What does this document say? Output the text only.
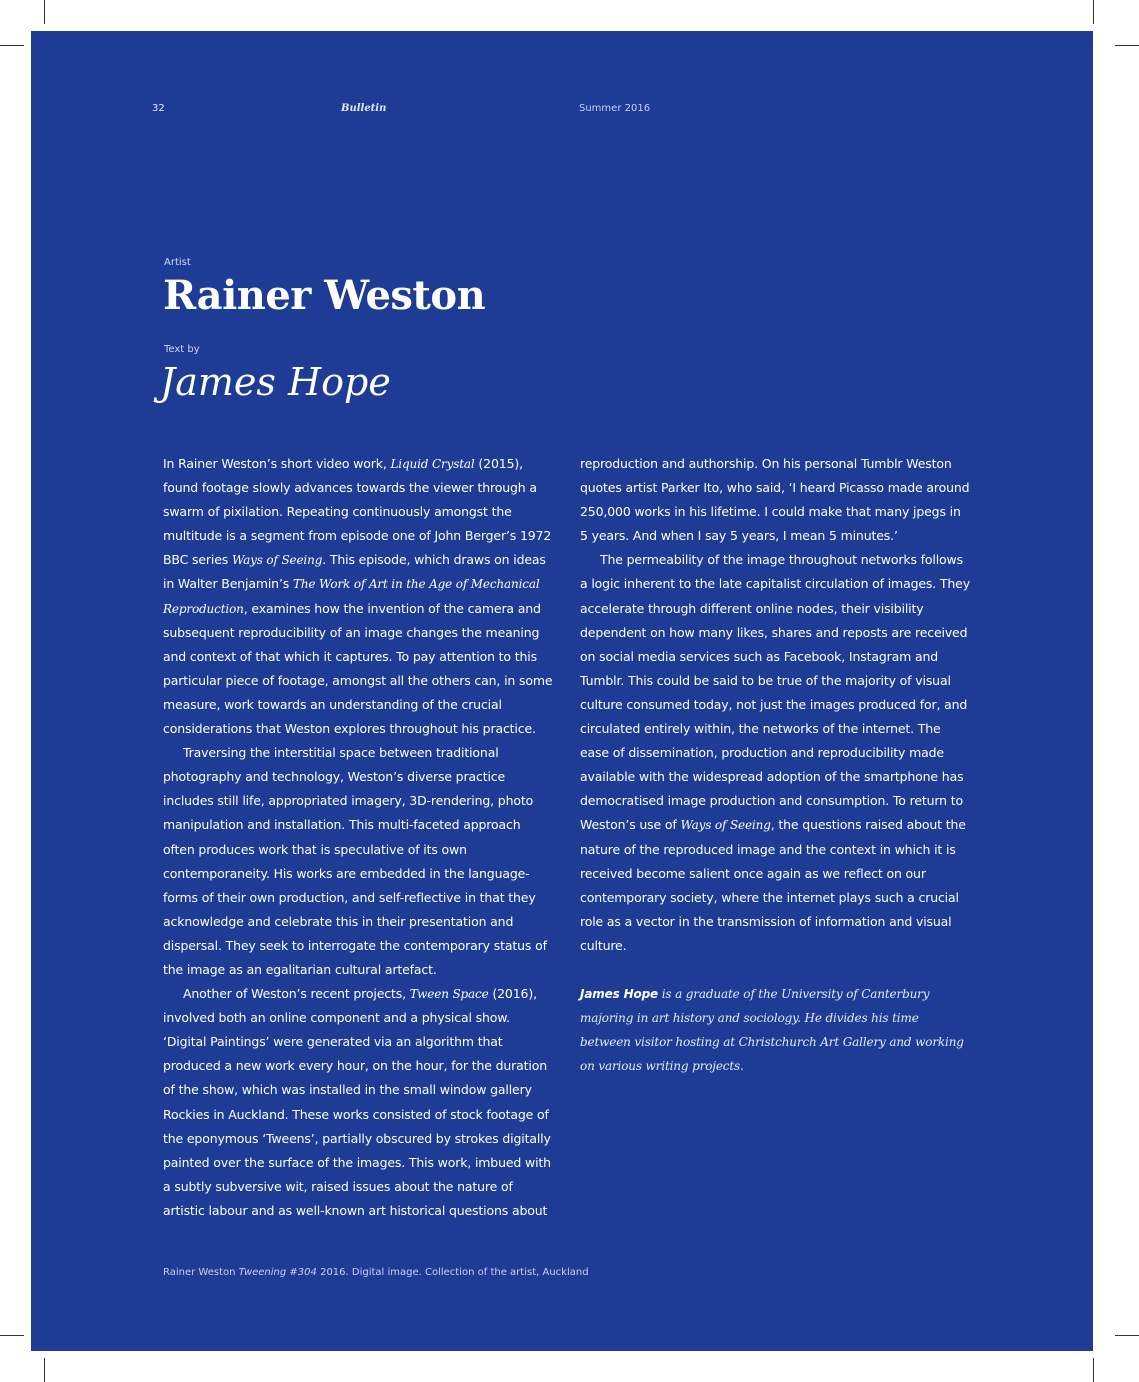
32	Bulletin	Summer 2016
Artist
Rainer Weston
Text by
James Hope

In Rainer Weston’s short video work, Liquid Crystal (2015), found footage slowly advances towards the viewer through a swarm of pixilation. Repeating continuously amongst the multitude is a segment from episode one of John Berger’s 1972 BBC series Ways of Seeing. This episode, which draws on ideas in Walter Benjamin’s The Work of Art in the Age of Mechanical Reproduction, examines how the invention of the camera and subsequent reproducibility of an image changes the meaning and context of that which it captures. To pay attention to this particular piece of footage, amongst all the others can, in some measure, work towards an understanding of the crucial considerations that Weston explores throughout his practice.

Traversing the interstitial space between traditional photography and technology, Weston’s diverse practice includes still life, appropriated imagery, 3D-rendering, photo manipulation and installation. This multi-faceted approach often produces work that is speculative of its own contemporaneity. His works are embedded in the language-forms of their own production, and self-reflective in that they acknowledge and celebrate this in their presentation and dispersal. They seek to interrogate the contemporary status of the image as an egalitarian cultural artefact.

Another of Weston’s recent projects, Tween Space (2016), involved both an online component and a physical show. ‘Digital Paintings’ were generated via an algorithm that produced a new work every hour, on the hour, for the duration of the show, which was installed in the small window gallery Rockies in Auckland. These works consisted of stock footage of the eponymous ‘Tweens’, partially obscured by strokes digitally painted over the surface of the images. This work, imbued with a subtly subversive wit, raised issues about the nature of artistic labour and as well-known art historical questions about

reproduction and authorship. On his personal Tumblr Weston quotes artist Parker Ito, who said, ‘I heard Picasso made around 250,000 works in his lifetime. I could make that many jpegs in 5 years. And when I say 5 years, I mean 5 minutes.’

The permeability of the image throughout networks follows a logic inherent to the late capitalist circulation of images. They accelerate through different online nodes, their visibility dependent on how many likes, shares and reposts are received on social media services such as Facebook, Instagram and Tumblr. This could be said to be true of the majority of visual culture consumed today, not just the images produced for, and circulated entirely within, the networks of the internet. The ease of dissemination, production and reproducibility made available with the widespread adoption of the smartphone has democratised image production and consumption. To return to Weston’s use of Ways of Seeing, the questions raised about the nature of the reproduced image and the context in which it is received become salient once again as we reflect on our contemporary society, where the internet plays such a crucial role as a vector in the transmission of information and visual culture.

James Hope is a graduate of the University of Canterbury majoring in art history and sociology. He divides his time between visitor hosting at Christchurch Art Gallery and working on various writing projects.

Rainer Weston Tweening #304 2016. Digital image. Collection of the artist, Auckland
